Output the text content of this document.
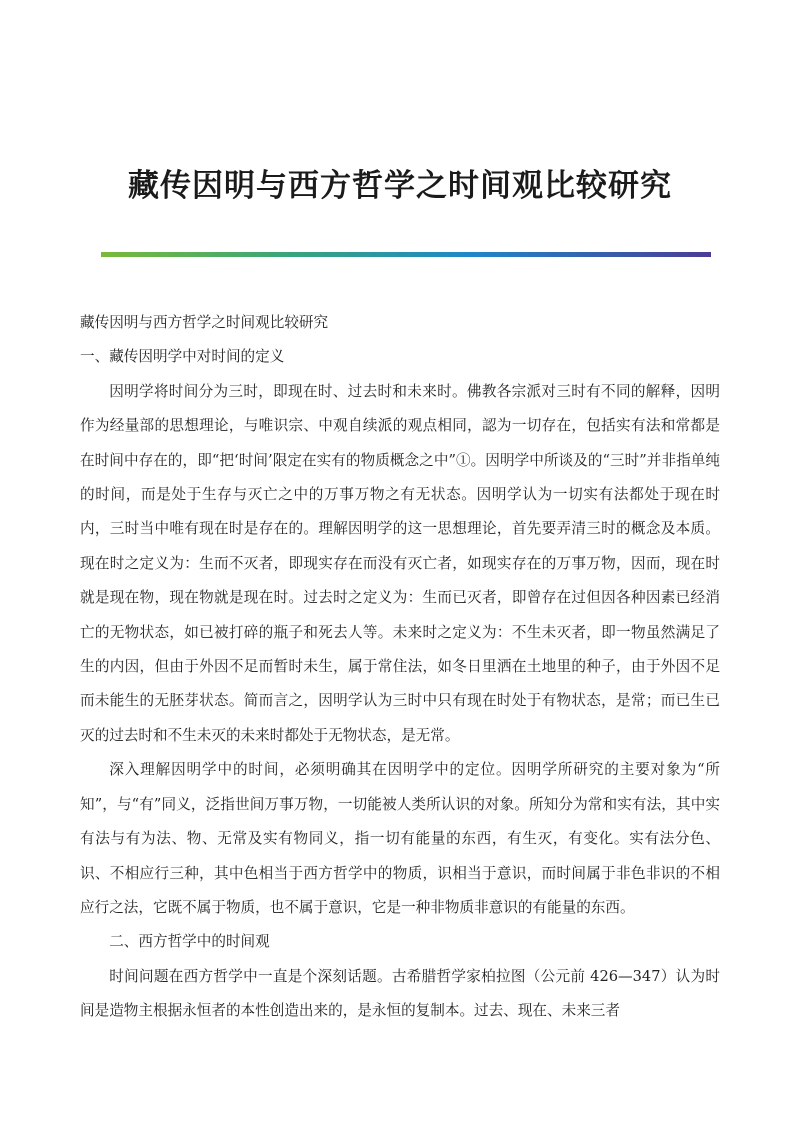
藏传因明与西方哲学之时间观比较研究

藏传因明与西方哲学之时间观比较研究

一、藏传因明学中对时间的定义

因明学将时间分为三时，即现在时、过去时和未来时。佛教各宗派对三时有不同的解释，因明作为经量部的思想理论，与唯识宗、中观自续派的观点相同，認为一切存在，包括实有法和常都是在时间中存在的，即“把‘时间’限定在实有的物质概念之中”①。因明学中所谈及的“三时”并非指单纯的时间，而是处于生存与灭亡之中的万事万物之有无状态。因明学认为一切实有法都处于现在时内，三时当中唯有现在时是存在的。理解因明学的这一思想理论，首先要弄清三时的概念及本质。现在时之定义为：生而不灭者，即现实存在而没有灭亡者，如现实存在的万事万物，因而，现在时就是现在物，现在物就是现在时。过去时之定义为：生而已灭者，即曾存在过但因各种因素已经消亡的无物状态，如已被打碎的瓶子和死去人等。未来时之定义为：不生未灭者，即一物虽然满足了生的内因，但由于外因不足而暂时未生，属于常住法，如冬日里洒在土地里的种子，由于外因不足而未能生的无胚芽状态。简而言之，因明学认为三时中只有现在时处于有物状态，是常；而已生已灭的过去时和不生未灭的未来时都处于无物状态，是无常。

深入理解因明学中的时间，必须明确其在因明学中的定位。因明学所研究的主要对象为“所知”，与“有”同义，泛指世间万事万物，一切能被人类所认识的对象。所知分为常和实有法，其中实有法与有为法、物、无常及实有物同义，指一切有能量的东西，有生灭，有变化。实有法分色、识、不相应行三种，其中色相当于西方哲学中的物质，识相当于意识，而时间属于非色非识的不相应行之法，它既不属于物质，也不属于意识，它是一种非物质非意识的有能量的东西。

二、西方哲学中的时间观

时间问题在西方哲学中一直是个深刻话题。古希腊哲学家柏拉图（公元前 426—347）认为时间是造物主根据永恒者的本性创造出来的，是永恒的复制本。过去、现在、未来三者
